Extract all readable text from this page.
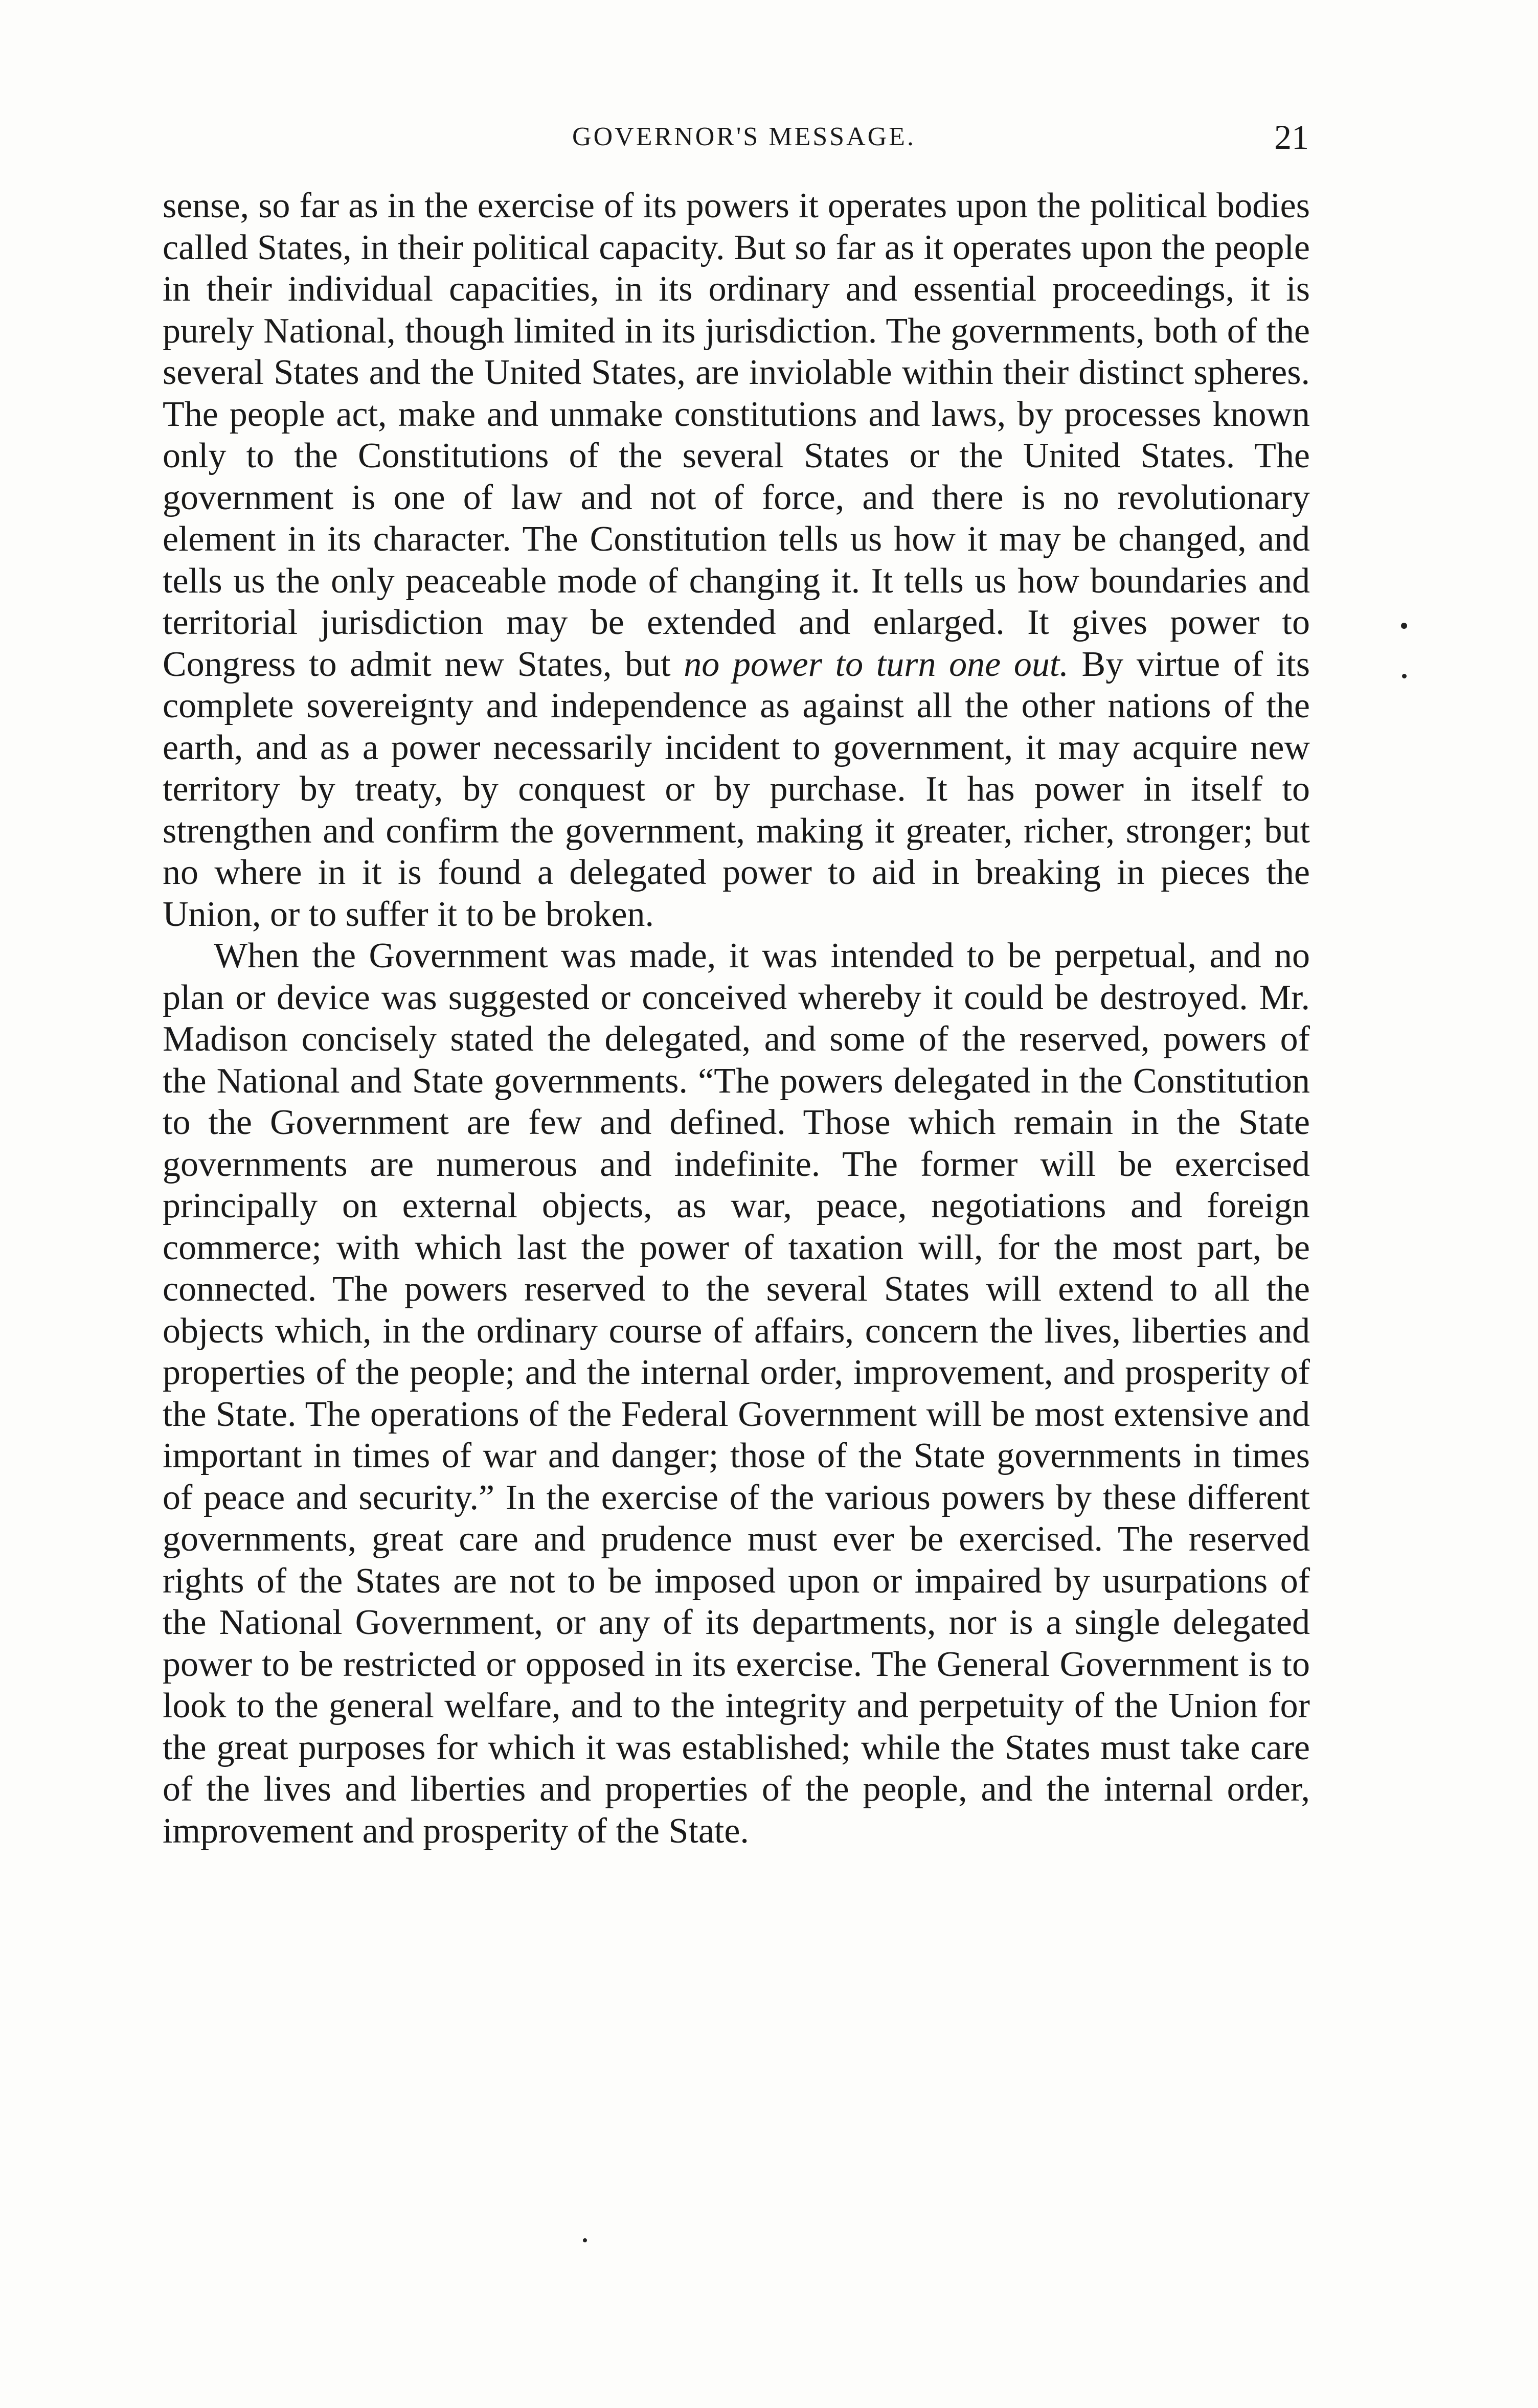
GOVERNOR'S MESSAGE.	21

sense, so far as in the exercise of its powers it operates upon the political bodies called States, in their political capacity. But so far as it operates upon the people in their individual capacities, in its ordinary and essential proceedings, it is purely National, though limited in its jurisdiction. The governments, both of the several States and the United States, are inviolable within their distinct spheres. The people act, make and unmake constitutions and laws, by processes known only to the Constitutions of the several States or the United States. The government is one of law and not of force, and there is no revolutionary element in its character. The Constitution tells us how it may be changed, and tells us the only peaceable mode of changing it. It tells us how boundaries and territorial jurisdiction may be extended and enlarged. It gives power to Congress to admit new States, but no power to turn one out. By virtue of its complete sovereignty and independence as against all the other nations of the earth, and as a power necessarily incident to government, it may acquire new territory by treaty, by conquest or by purchase. It has power in itself to strengthen and confirm the government, making it greater, richer, stronger; but no where in it is found a delegated power to aid in breaking in pieces the Union, or to suffer it to be broken.

When the Government was made, it was intended to be perpetual, and no plan or device was suggested or conceived whereby it could be destroyed. Mr. Madison concisely stated the delegated, and some of the reserved, powers of the National and State governments. “The powers delegated in the Constitution to the Government are few and defined. Those which remain in the State governments are numerous and indefinite. The former will be exercised principally on external objects, as war, peace, negotiations and foreign commerce; with which last the power of taxation will, for the most part, be connected. The powers reserved to the several States will extend to all the objects which, in the ordinary course of affairs, concern the lives, liberties and properties of the people; and the internal order, improvement, and prosperity of the State. The operations of the Federal Government will be most extensive and important in times of war and danger; those of the State governments in times of peace and security.” In the exercise of the various powers by these different governments, great care and prudence must ever be exercised. The reserved rights of the States are not to be imposed upon or impaired by usurpations of the National Government, or any of its departments, nor is a single delegated power to be restricted or opposed in its exercise. The General Government is to look to the general welfare, and to the integrity and perpetuity of the Union for the great purposes for which it was established; while the States must take care of the lives and liberties and properties of the people, and the internal order, improvement and prosperity of the State.
